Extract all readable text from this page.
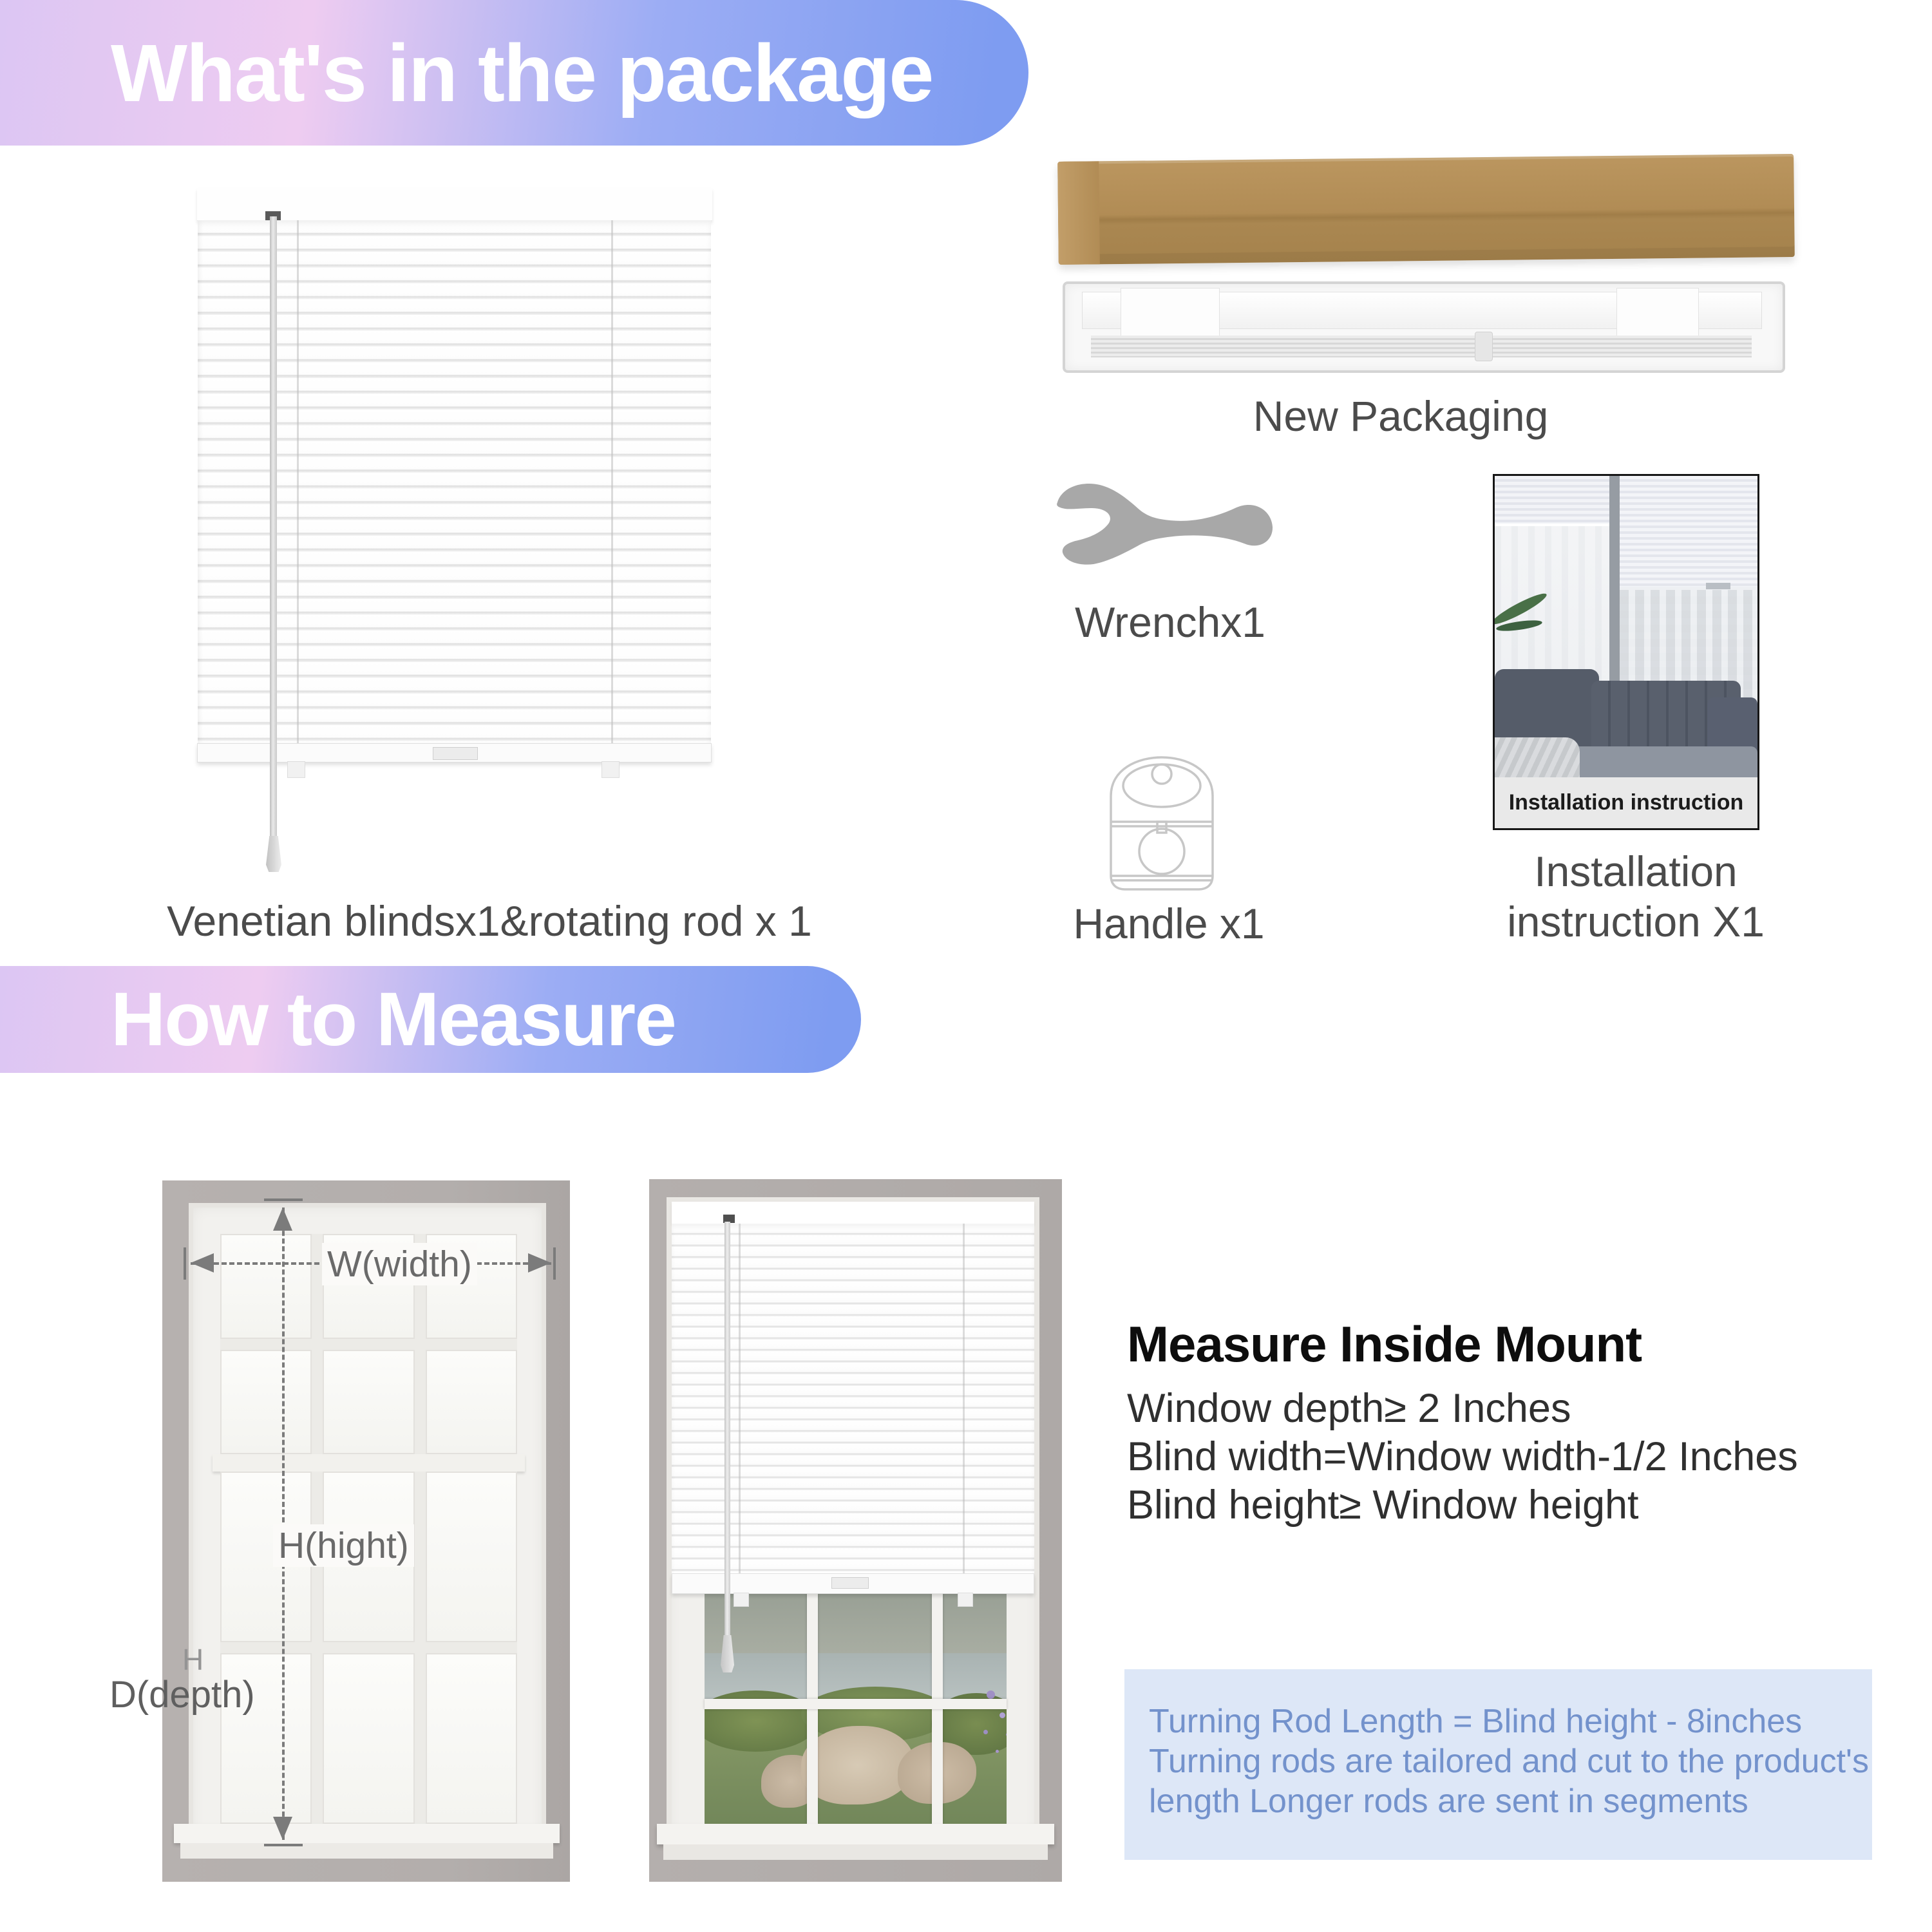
What's in the package
Venetian blindsx1&rotating rod x 1
New Packaging
Wrenchx1
Handle x1
Installation instruction
Installation
instruction X1
How to Measure
W(width)
H(hight)
D(depth)
H
Measure Inside Mount
Window depth≥ 2 Inches
Blind width=Window width-1/2 Inches
Blind height≥ Window height
Turning Rod Length = Blind height - 8inches
Turning rods are tailored and cut to the product's
length Longer rods are sent in segments
